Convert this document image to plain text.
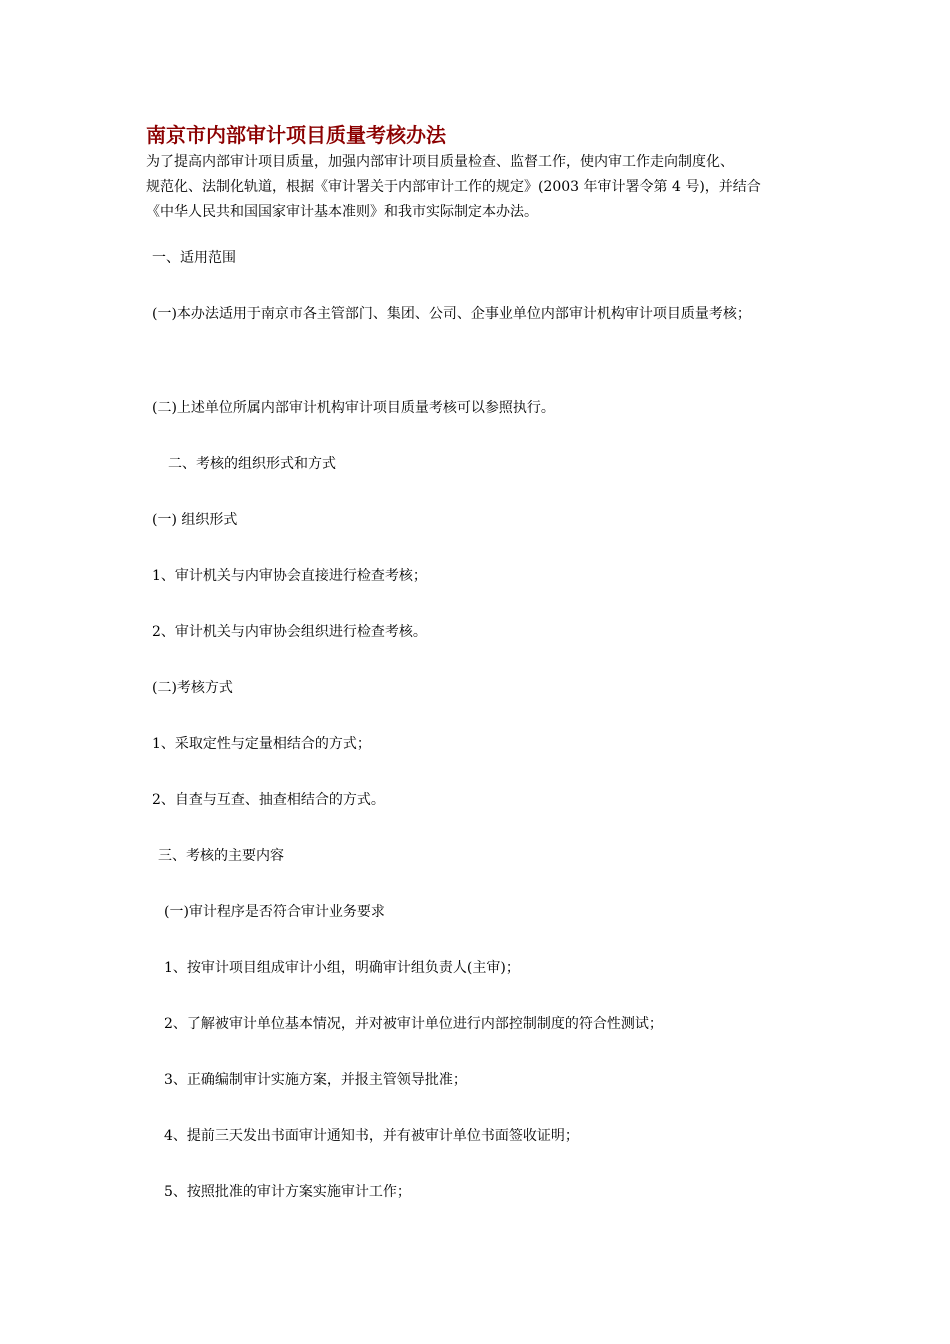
南京市内部审计项目质量考核办法
为了提高内部审计项目质量，加强内部审计项目质量检查、监督工作，使内审工作走向制度化、
规范化、法制化轨道，根据《审计署关于内部审计工作的规定》(2003 年审计署令第 4 号)，并结合
《中华人民共和国国家审计基本准则》和我市实际制定本办法。
一、适用范围
(一)本办法适用于南京市各主管部门、集团、公司、企事业单位内部审计机构审计项目质量考核；
(二)上述单位所属内部审计机构审计项目质量考核可以参照执行。
二、考核的组织形式和方式
(一) 组织形式
1、审计机关与内审协会直接进行检查考核；
2、审计机关与内审协会组织进行检查考核。
(二)考核方式
1、采取定性与定量相结合的方式；
2、自查与互查、抽查相结合的方式。
三、考核的主要内容
(一)审计程序是否符合审计业务要求
1、按审计项目组成审计小组，明确审计组负责人(主审)；
2、了解被审计单位基本情况，并对被审计单位进行内部控制制度的符合性测试；
3、正确编制审计实施方案，并报主管领导批准；
4、提前三天发出书面审计通知书，并有被审计单位书面签收证明；
5、按照批准的审计方案实施审计工作；
